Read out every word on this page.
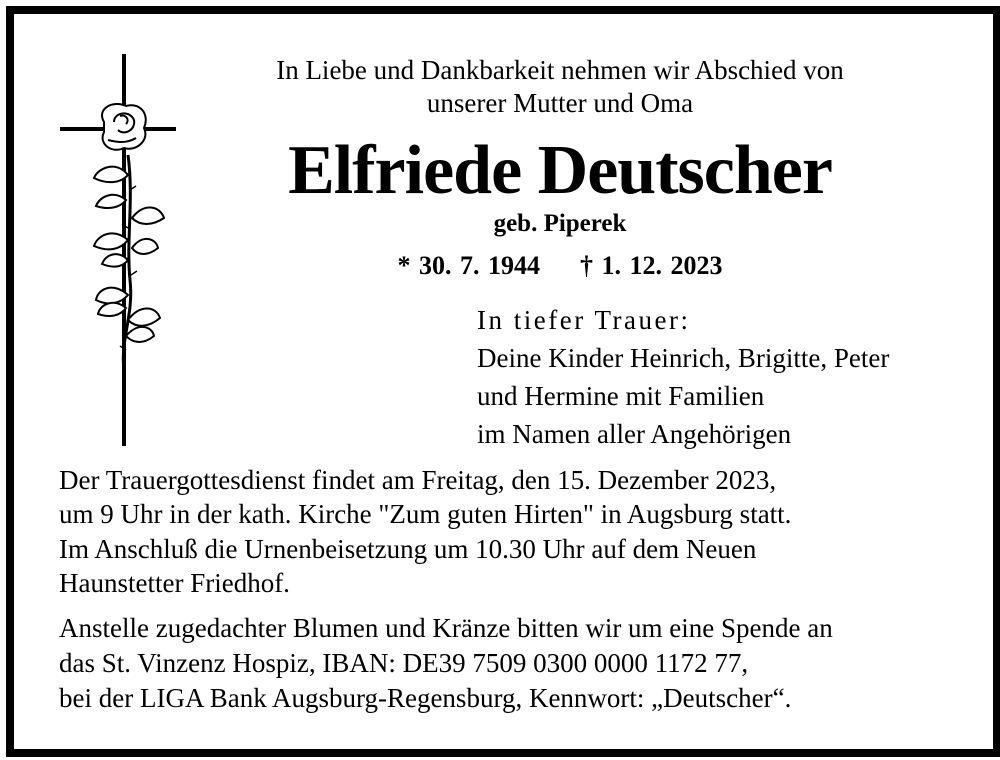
In Liebe und Dankbarkeit nehmen wir Abschied von
unserer Mutter und Oma
Elfriede Deutscher
geb. Piperek
* 30. 7. 1944 † 1. 12. 2023
In tiefer Trauer:
Deine Kinder Heinrich, Brigitte, Peter
und Hermine mit Familien
im Namen aller Angehörigen
Der Trauergottesdienst findet am Freitag, den 15. Dezember 2023,
um 9 Uhr in der kath. Kirche "Zum guten Hirten" in Augsburg statt.
Im Anschluß die Urnenbeisetzung um 10.30 Uhr auf dem Neuen
Haunstetter Friedhof.
Anstelle zugedachter Blumen und Kränze bitten wir um eine Spende an
das St. Vinzenz Hospiz, IBAN: DE39 7509 0300 0000 1172 77,
bei der LIGA Bank Augsburg-Regensburg, Kennwort: „Deutscher“.
